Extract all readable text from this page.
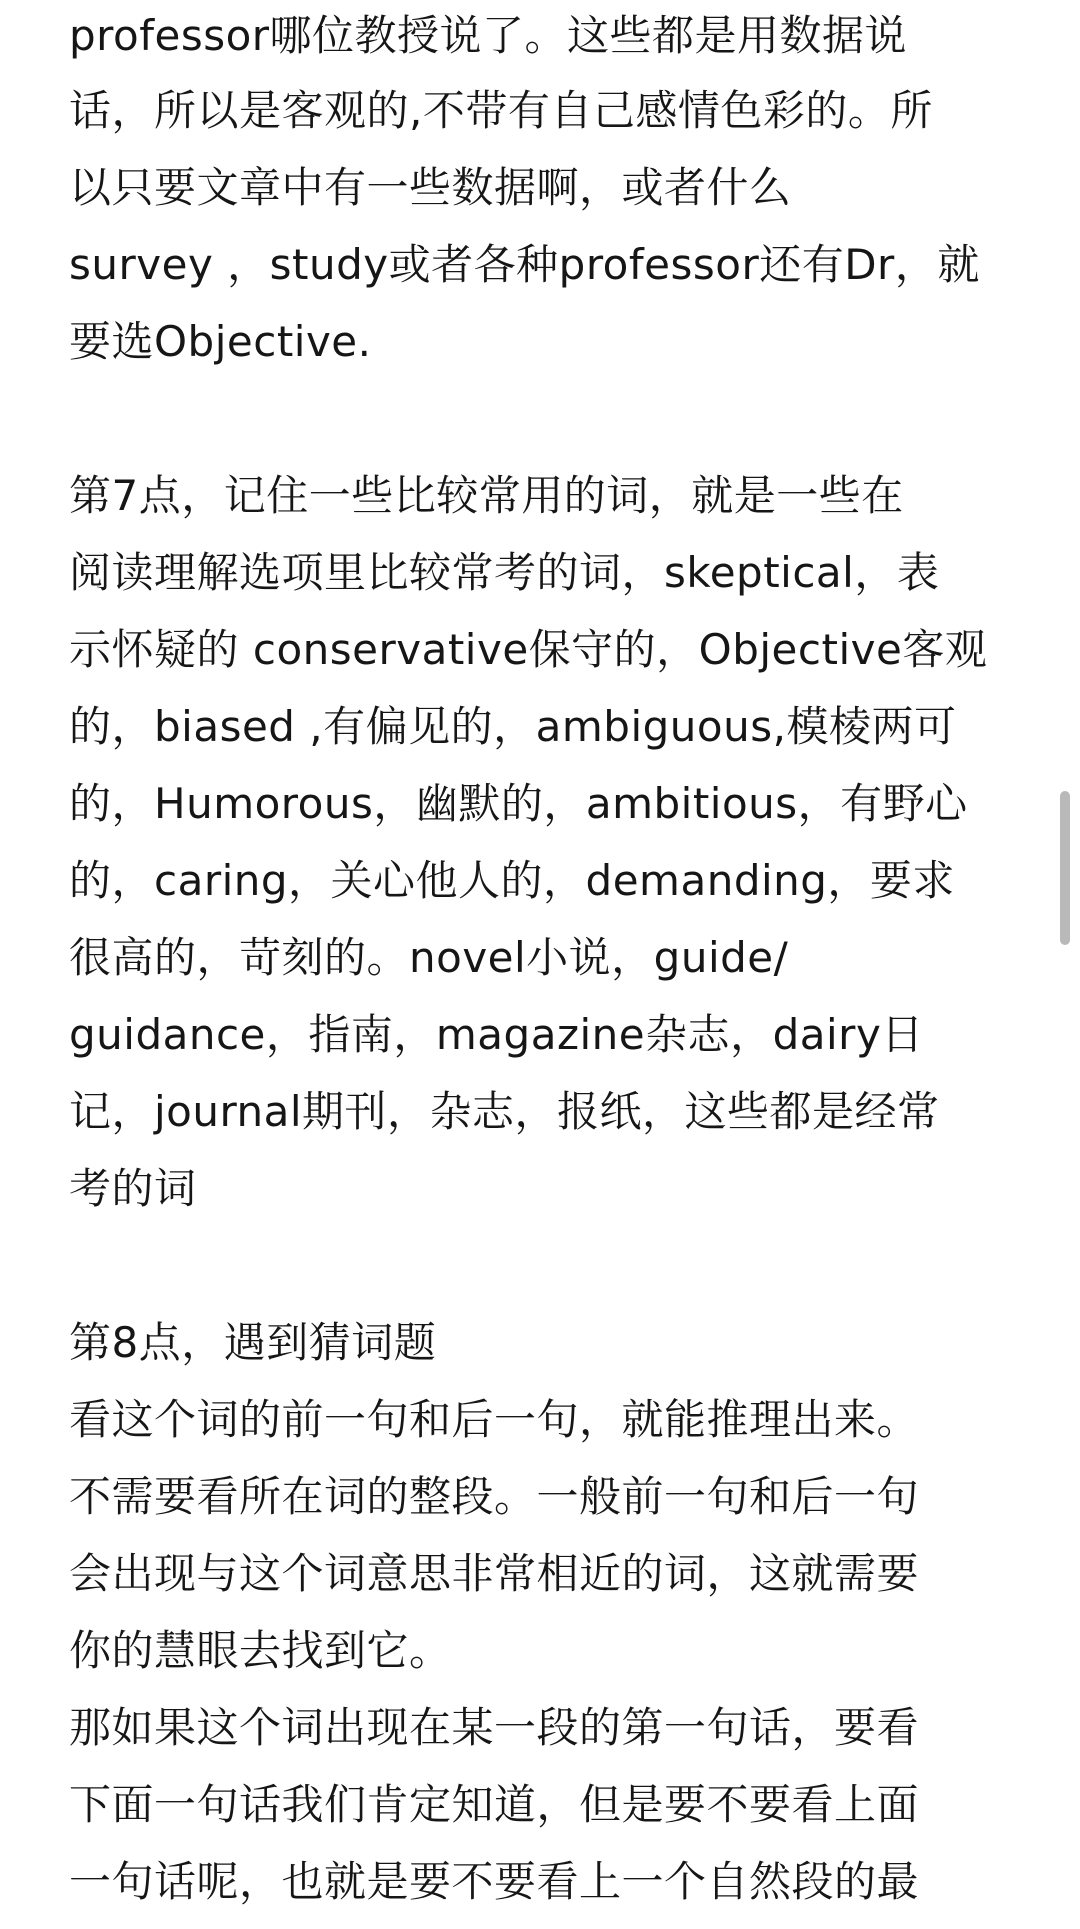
professor哪位教授说了。这些都是用数据说
话，所以是客观的,不带有自己感情色彩的。所
以只要文章中有一些数据啊，或者什么
survey ，study或者各种professor还有Dr，就
要选Objective.
第7点，记住一些比较常用的词，就是一些在
阅读理解选项里比较常考的词，skeptical，表
示怀疑的 conservative保守的，Objective客观
的，biased ,有偏见的，ambiguous,模棱两可
的，Humorous，幽默的，ambitious，有野心
的，caring，关心他人的，demanding，要求
很高的，苛刻的。novel小说，guide/
guidance，指南，magazine杂志，dairy日
记，journal期刊，杂志，报纸，这些都是经常
考的词
第8点，遇到猜词题
看这个词的前一句和后一句，就能推理出来。
不需要看所在词的整段。一般前一句和后一句
会出现与这个词意思非常相近的词，这就需要
你的慧眼去找到它。
那如果这个词出现在某一段的第一句话，要看
下面一句话我们肯定知道，但是要不要看上面
一句话呢，也就是要不要看上一个自然段的最
